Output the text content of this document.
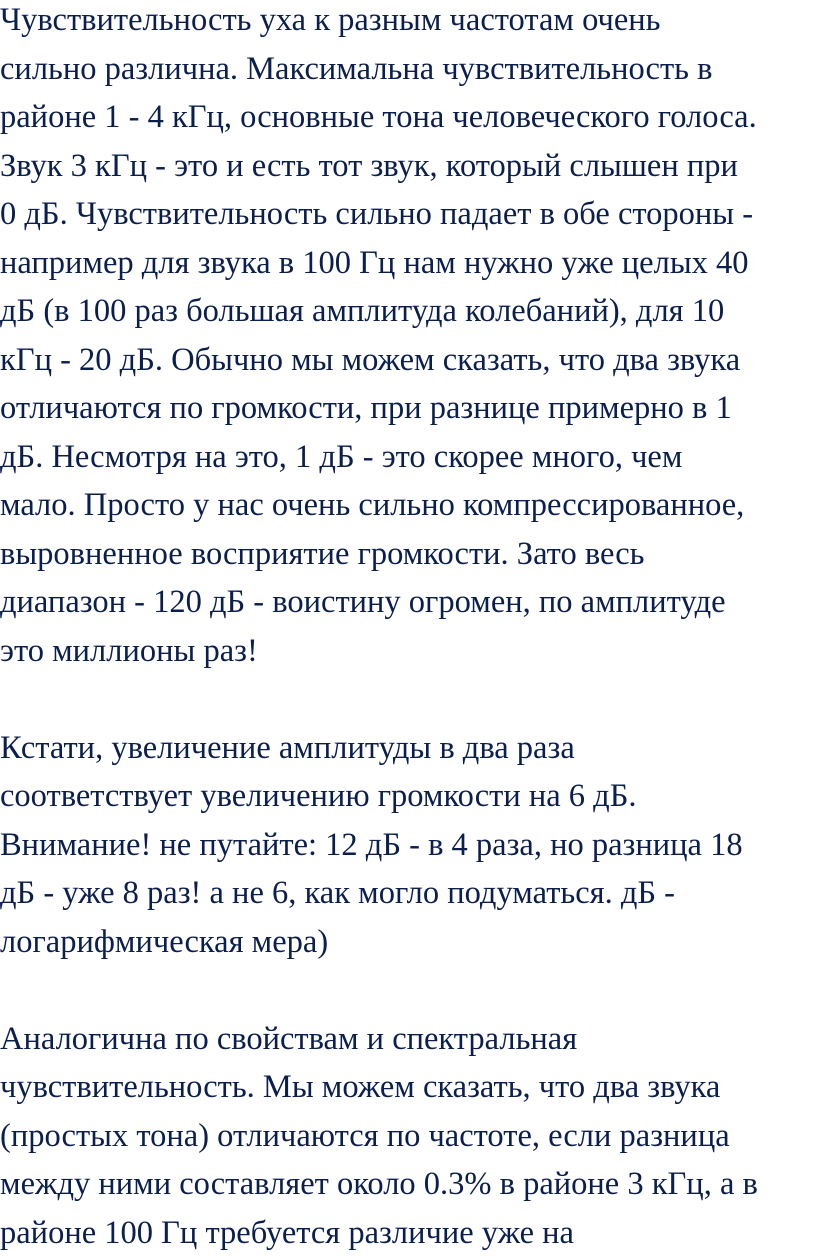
Чувствительность уха к разным частотам очень
сильно различна. Максимальна чувствительность в
районе 1 - 4 кГц, основные тона человеческого голоса.
Звук 3 кГц - это и есть тот звук, который слышен при
0 дБ. Чувствительность сильно падает в обе стороны -
например для звука в 100 Гц нам нужно уже целых 40
дБ (в 100 раз большая амплитуда колебаний), для 10
кГц - 20 дБ. Обычно мы можем сказать, что два звука
отличаются по громкости, при разнице примерно в 1
дБ. Несмотря на это, 1 дБ - это скорее много, чем
мало. Просто у нас очень сильно компрессированное,
выровненное восприятие громкости. Зато весь
диапазон - 120 дБ - воистину огромен, по амплитуде
это миллионы раз!
Кстати, увеличение амплитуды в два раза
соответствует увеличению громкости на 6 дБ.
Внимание! не путайте: 12 дБ - в 4 раза, но разница 18
дБ - уже 8 раз! а не 6, как могло подуматься. дБ -
логарифмическая мера)
Аналогична по свойствам и спектральная
чувствительность. Мы можем сказать, что два звука
(простых тона) отличаются по частоте, если разница
между ними составляет около 0.3% в районе 3 кГц, а в
районе 100 Гц требуется различие уже на
